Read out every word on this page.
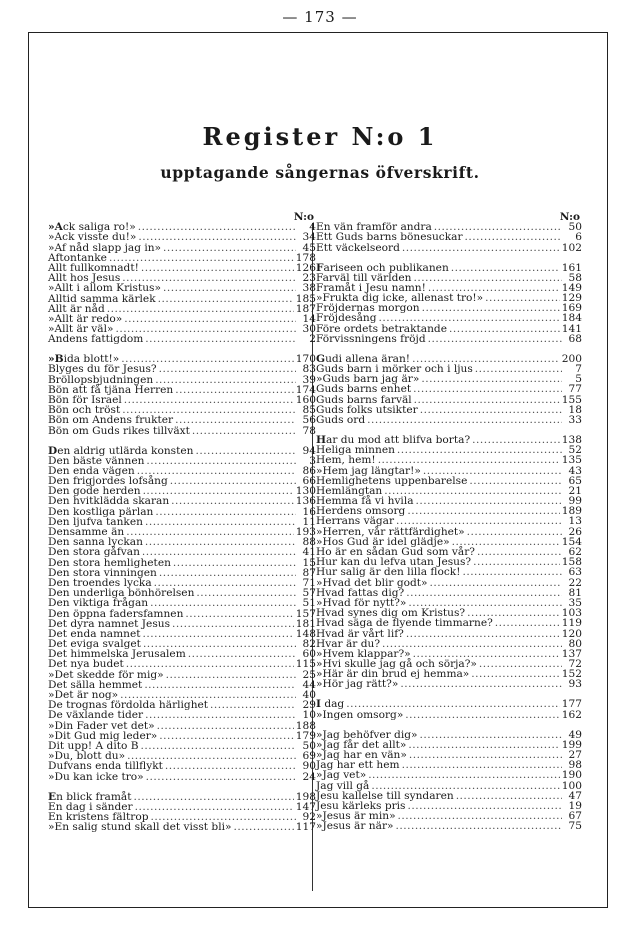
— 173 —
Register N:o 1
upptagande sångernas öfverskrift.
N:o
»Ack saliga ro!» .....	4
»Ack visste du!» .....	34
»Af nåd slapp jag in» .....	45
Aftontanke .....	178
Allt fullkomnadt! .....	126
Allt hos Jesus .....	23
»Allt i allom Kristus» .....	38
Alltid samma kärlek .....	185
Allt är nåd .....	187
»Allt är redo» .....	14
»Allt är väl» .....	30
Andens fattigdom .....	2
»Bida blott!» .....	170
Blyges du för Jesus? .....	83
Bröllopsbjudningen .....	39
Bön att få tjäna Herren .....	174
Bön för Israel .....	160
Bön och tröst .....	85
Bön om Andens frukter .....	56
Bön om Guds rikes tillväxt .....	78
Den aldrig utlärda konsten .....	94
Den bäste vännen .....	3
Den enda vägen .....	86
Den frigjordes lofsång .....	66
Den gode herden .....	130
Den hvitklädda skaran .....	136
Den kostliga pärlan .....	16
Den ljufva tanken .....	11
Densamme än .....	193
Den sanna lyckan .....	88
Den stora gåfvan .....	41
Den stora hemligheten .....	15
Den stora vinningen .....	87
Den troendes lycka .....	71
Den underliga bönhörelsen .....	57
Den viktiga frågan .....	51
Den öppna fadersfamnen .....	157
Det dyra namnet Jesus .....	181
Det enda namnet .....	148
Det eviga svalget .....	82
Det himmelska Jerusalem .....	60
Det nya budet .....	115
»Det skedde för mig» .....	25
Det sälla hemmet .....	44
»Det är nog» .....	40
De trognas fördolda härlighet .....	29
De växlande tider .....	10
»Din Fader vet det» .....	188
»Dit Gud mig leder» .....	179
Dit upp! A dito B .....	50
»Du, blott du» .....	69
Dufvans enda tillflykt .....	90
»Du kan icke tro» .....	24
En blick framåt .....	198
En dag i sänder .....	147
En kristens fältrop .....	92
»En salig stund skall det visst bli» .....	117
N:o
En vän framför andra .....	50
Ett Guds barns bönesuckar .....	6
Ett väckelseord .....	102
Fariseen och publikanen .....	161
Farväl till världen .....	58
Framåt i Jesu namn! .....	149
»Frukta dig icke, allenast tro!» .....	129
Fröjdernas morgon .....	169
Fröjdesång .....	184
Före ordets betraktande .....	141
Förvissningens fröjd .....	68
Gudi allena äran! .....	200
Guds barn i mörker och i ljus .....	7
»Guds barn jag är» .....	5
Guds barns enhet .....	77
Guds barns farväl .....	155
Guds folks utsikter .....	18
Guds ord .....	33
Har du mod att blifva borta? .....	138
Heliga minnen .....	52
Hem, hem! .....	135
»Hem jag längtar!» .....	43
Hemlighetens uppenbarelse .....	65
Hemlängtan .....	21
Hemma få vi hvila .....	99
Herdens omsorg .....	189
Herrans vägar .....	13
»Herren, vår rättfärdighet» .....	26
»Hos Gud är idel glädje» .....	154
Ho är en sådan Gud som vår? .....	62
Hur kan du lefva utan Jesus? .....	158
Hur salig är den lilla flock! .....	63
»Hvad det blir godt» .....	22
Hvad fattas dig? .....	81
»Hvad för nytt?» .....	35
Hvad synes dig om Kristus? .....	103
Hvad säga de flyende timmarne? .....	119
Hvad är vårt lif? .....	120
Hvar är du? .....	80
»Hvem klappar?» .....	137
»Hvi skulle jag gå och sörja?» .....	72
»Här är din brud ej hemma» .....	152
»Hör jag rätt?» .....	93
I dag .....	177
»Ingen omsorg» .....	162
»Jag behöfver dig» .....	49
»Jag får det allt» .....	199
»Jag har en vän» .....	27
Jag har ett hem .....	98
»Jag vet» .....	190
Jag vill gå .....	100
Jesu kallelse till syndaren .....	47
Jesu kärleks pris .....	19
»Jesus är min» .....	67
»Jesus är när» .....	75
